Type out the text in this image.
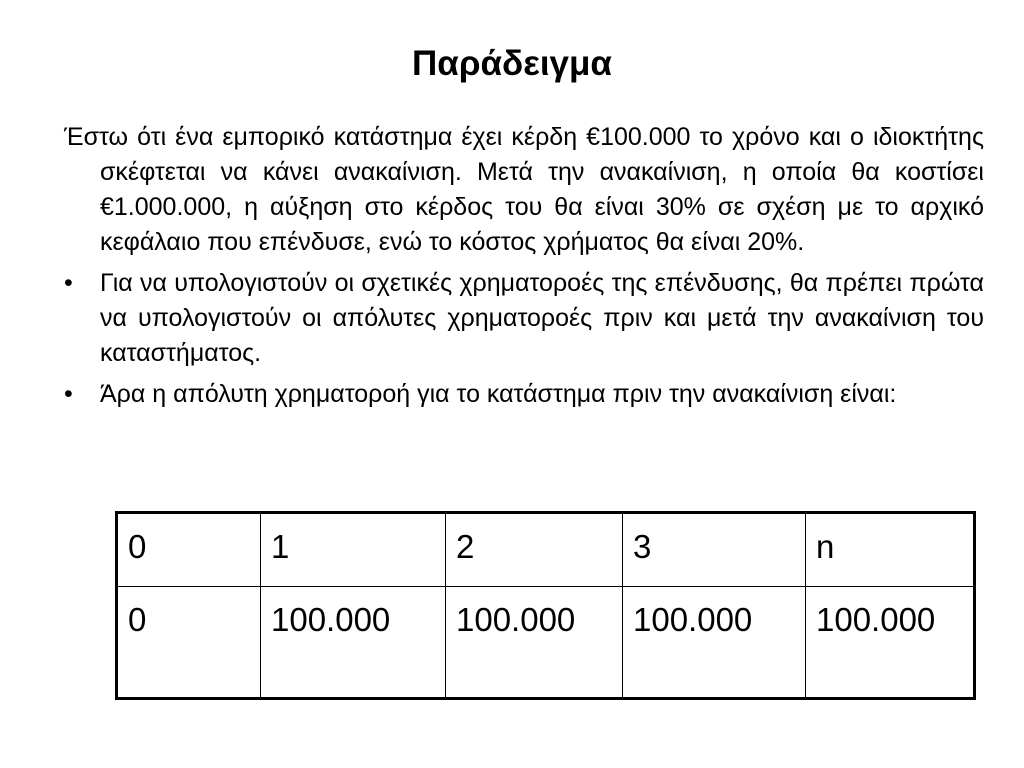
Παράδειγμα

Έστω ότι ένα εμπορικό κατάστημα έχει κέρδη €100.000 το χρόνο και ο ιδιοκτήτης σκέφτεται να κάνει ανακαίνιση. Μετά την ανακαίνιση, η οποία θα κοστίσει €1.000.000, η αύξηση στο κέρδος του θα είναι 30% σε σχέση με το αρχικό κεφάλαιο που επένδυσε, ενώ το κόστος χρήματος θα είναι 20%.

•	Για να υπολογιστούν οι σχετικές χρηματοροές της επένδυσης, θα πρέπει πρώτα να υπολογιστούν οι απόλυτες χρηματοροές πριν και μετά την ανακαίνιση του καταστήματος.

•	Άρα η απόλυτη χρηματοροή για το κατάστημα πριν την ανακαίνιση είναι:

0	1	2	3	n
0	100.000	100.000	100.000	100.000
